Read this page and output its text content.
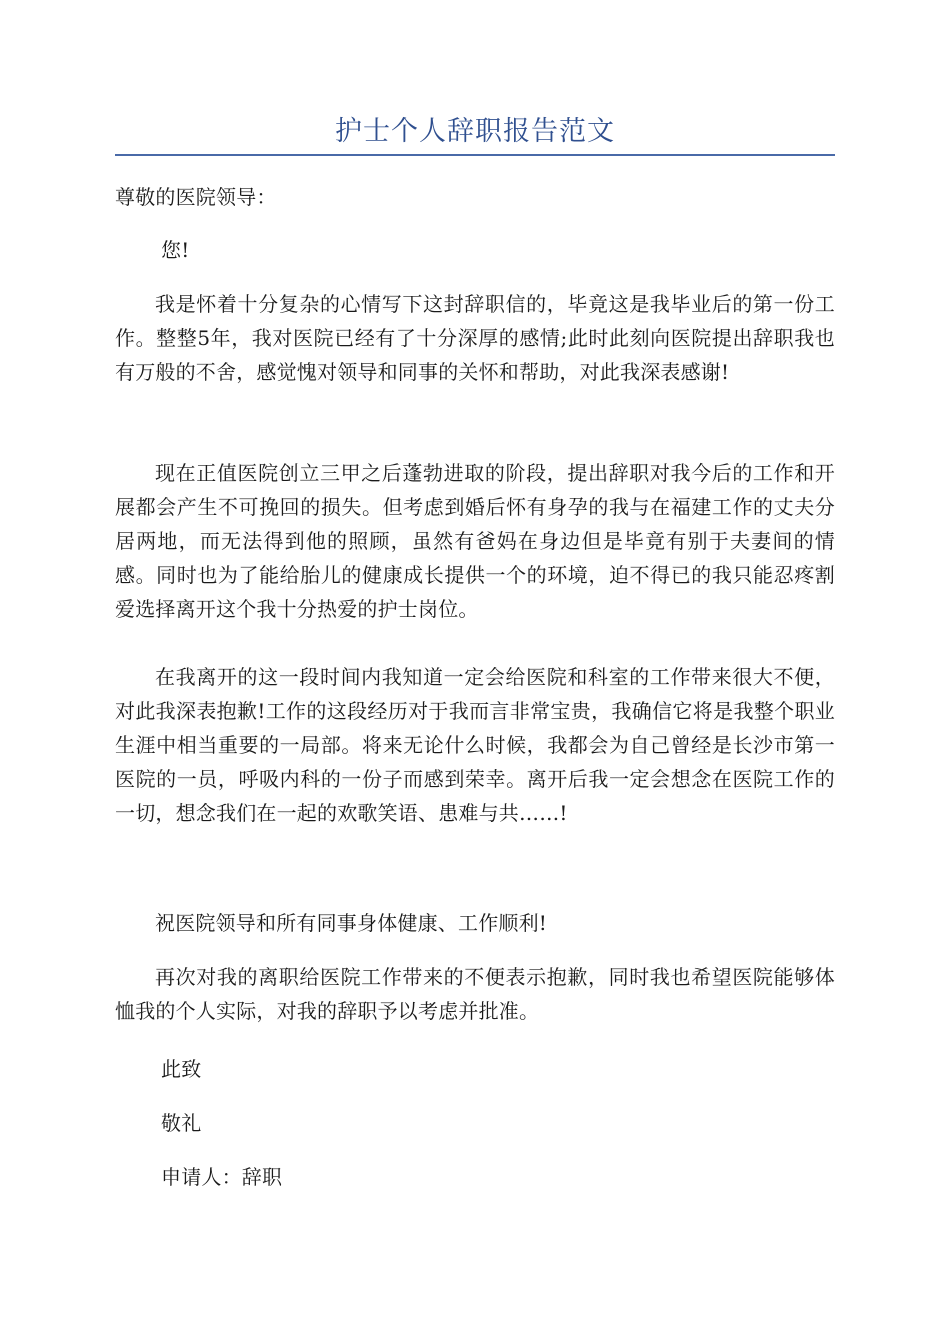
护士个人辞职报告范文

尊敬的医院领导：

您!

我是怀着十分复杂的心情写下这封辞职信的，毕竟这是我毕业后的第一份工作。整整5年，我对医院已经有了十分深厚的感情;此时此刻向医院提出辞职我也有万般的不舍，感觉愧对领导和同事的关怀和帮助，对此我深表感谢!

现在正值医院创立三甲之后蓬勃进取的阶段，提出辞职对我今后的工作和开展都会产生不可挽回的损失。但考虑到婚后怀有身孕的我与在福建工作的丈夫分居两地，而无法得到他的照顾，虽然有爸妈在身边但是毕竟有别于夫妻间的情感。同时也为了能给胎儿的健康成长提供一个的环境，迫不得已的我只能忍疼割爱选择离开这个我十分热爱的护士岗位。

在我离开的这一段时间内我知道一定会给医院和科室的工作带来很大不便，对此我深表抱歉!工作的这段经历对于我而言非常宝贵，我确信它将是我整个职业生涯中相当重要的一局部。将来无论什么时候，我都会为自己曾经是长沙市第一医院的一员，呼吸内科的一份子而感到荣幸。离开后我一定会想念在医院工作的一切，想念我们在一起的欢歌笑语、患难与共……!

祝医院领导和所有同事身体健康、工作顺利!

再次对我的离职给医院工作带来的不便表示抱歉，同时我也希望医院能够体恤我的个人实际，对我的辞职予以考虑并批准。

此致

敬礼

申请人：辞职
